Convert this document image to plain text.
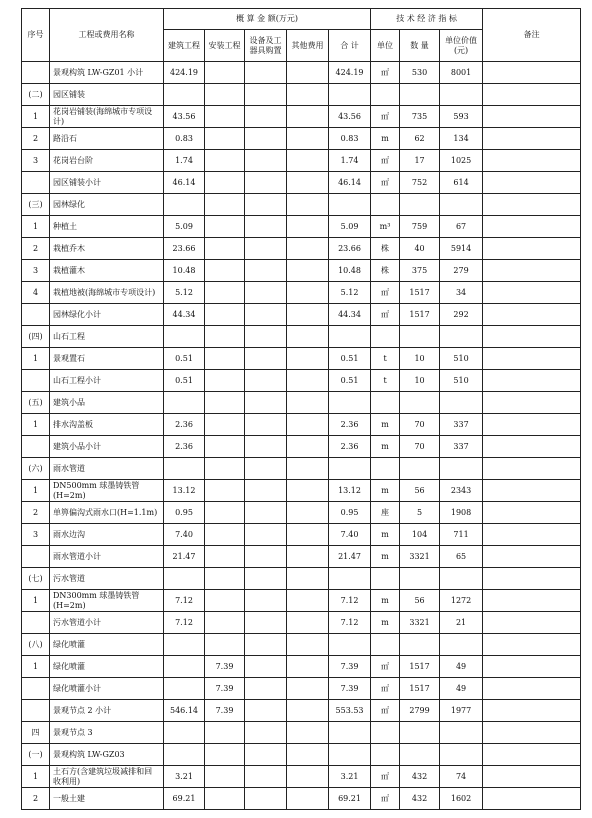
序号	工程或费用名称	概 算 金 额(万元)					技 术 经 济 指 标			备注
		建筑工程	安装工程	设备及工器具购置	其他费用	合 计	单位	数 量	单位价值(元)	
	景观构筑 LW-GZ01 小计	424.19				424.19	㎡	530	8001	
(二)	园区铺装									
1	花岗岩铺装(海绵城市专项设计)	43.56				43.56	㎡	735	593	
2	路沿石	0.83				0.83	m	62	134	
3	花岗岩台阶	1.74				1.74	㎡	17	1025	
	园区铺装小计	46.14				46.14	㎡	752	614	
(三)	园林绿化									
1	种植土	5.09				5.09	m³	759	67	
2	栽植乔木	23.66				23.66	株	40	5914	
3	栽植灌木	10.48				10.48	株	375	279	
4	栽植地被(海绵城市专项设计)	5.12				5.12	㎡	1517	34	
	园林绿化小计	44.34				44.34	㎡	1517	292	
(四)	山石工程									
1	景观置石	0.51				0.51	t	10	510	
	山石工程小计	0.51				0.51	t	10	510	
(五)	建筑小品									
1	排水沟盖板	2.36				2.36	m	70	337	
	建筑小品小计	2.36				2.36	m	70	337	
(六)	雨水管道									
1	DN500mm 球墨铸铁管(H=2m)	13.12				13.12	m	56	2343	
2	单箅偏沟式雨水口(H=1.1m)	0.95				0.95	座	5	1908	
3	雨水边沟	7.40				7.40	m	104	711	
	雨水管道小计	21.47				21.47	m	3321	65	
(七)	污水管道									
1	DN300mm 球墨铸铁管(H=2m)	7.12				7.12	m	56	1272	
	污水管道小计	7.12				7.12	m	3321	21	
(八)	绿化喷灌									
1	绿化喷灌		7.39			7.39	㎡	1517	49	
	绿化喷灌小计		7.39			7.39	㎡	1517	49	
	景观节点 2 小计	546.14	7.39			553.53	㎡	2799	1977	
四	景观节点 3									
(一)	景观构筑 LW-GZ03									
1	土石方(含建筑垃圾减排和回收利用)	3.21				3.21	㎡	432	74	
2	一般土建	69.21				69.21	㎡	432	1602	
